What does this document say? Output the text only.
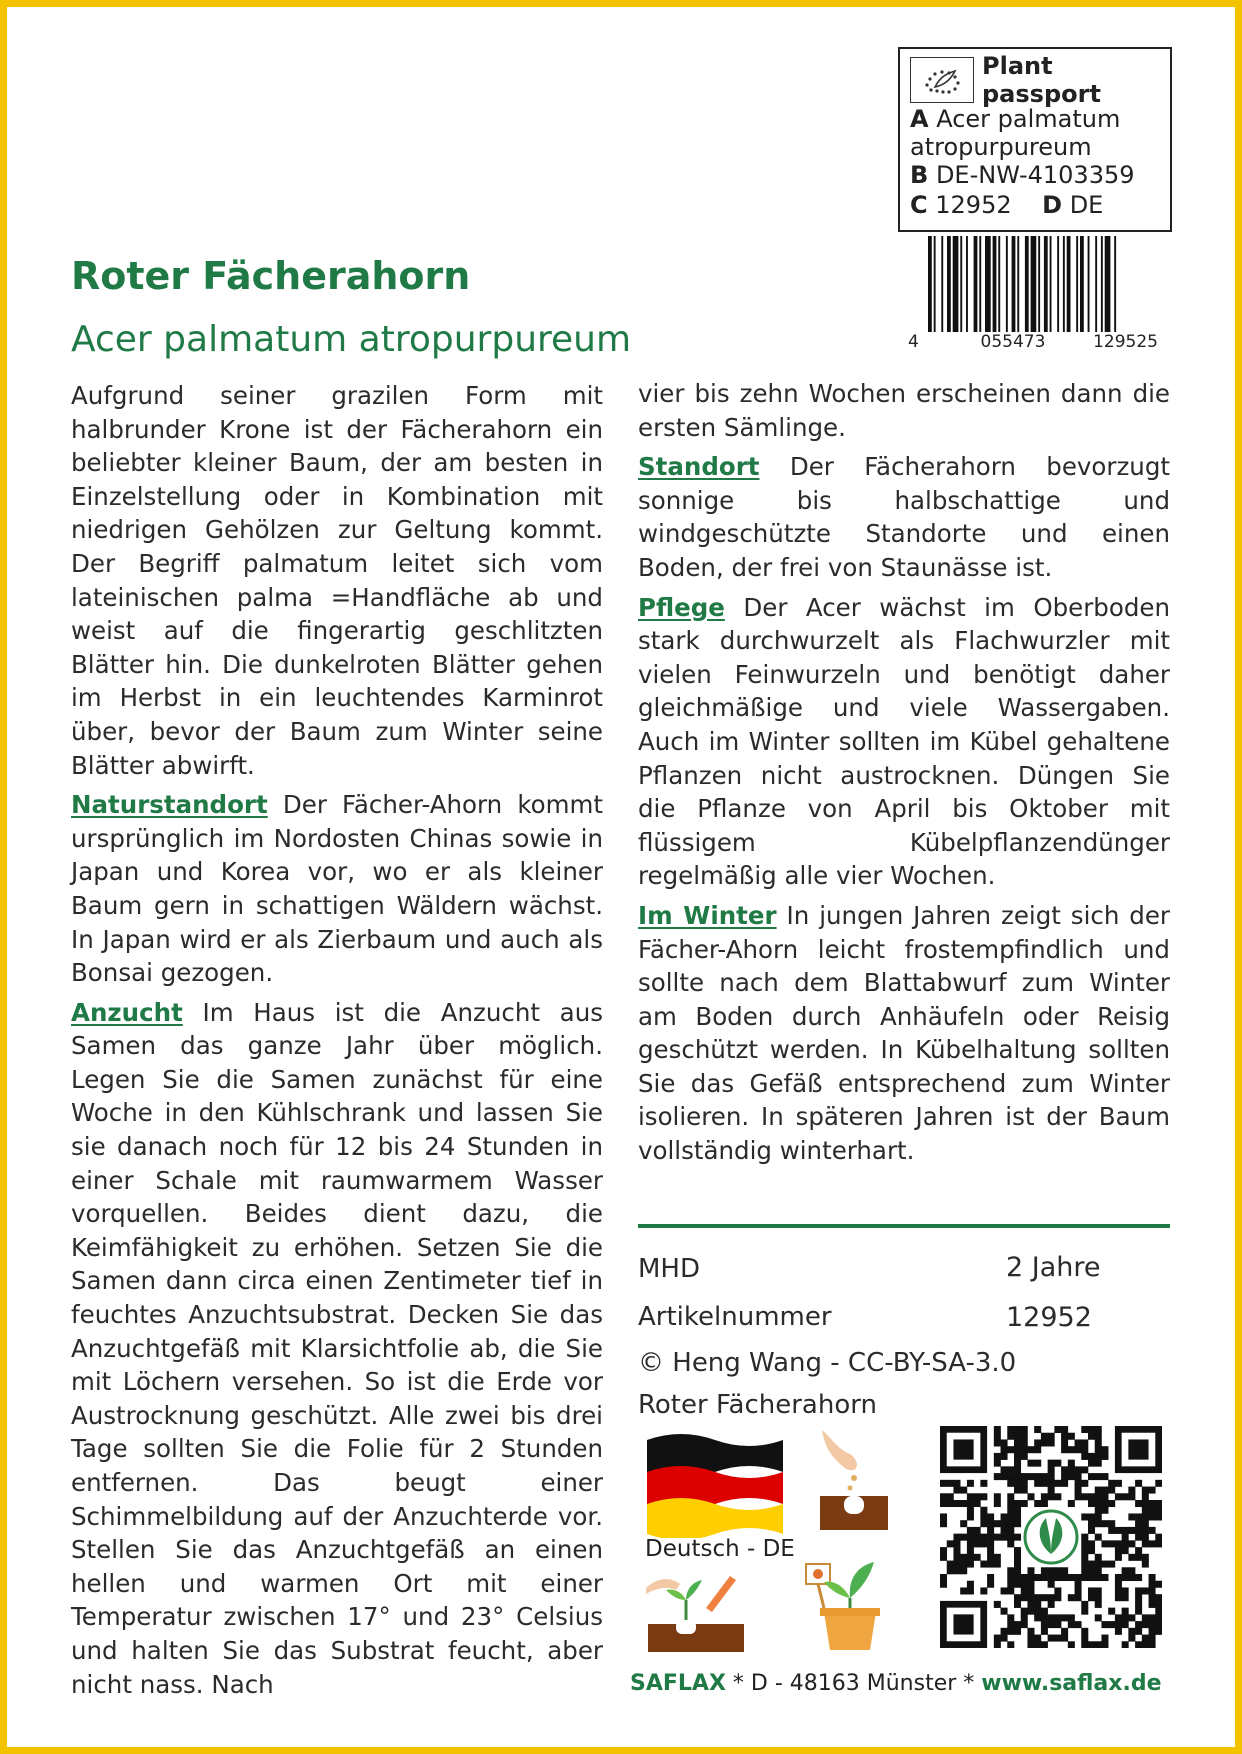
Plant passport
A Acer palmatum
atropurpureum
B DE-NW-4103359
C 12952 D DE
4	055473	129525
Roter Fächerahorn
Acer palmatum atropurpureum

Aufgrund seiner grazilen Form mit halbrunder Krone ist der Fächerahorn ein beliebter kleiner Baum, der am besten in Einzelstellung oder in Kombination mit niedrigen Gehölzen zur Geltung kommt. Der Begriff palmatum leitet sich vom lateinischen palma =Handfläche ab und weist auf die fingerartig geschlitzten Blätter hin. Die dunkelroten Blätter gehen im Herbst in ein leuchtendes Karminrot über, bevor der Baum zum Winter seine Blätter abwirft.

Naturstandort Der Fächer-Ahorn kommt ursprünglich im Nordosten Chinas sowie in Japan und Korea vor, wo er als kleiner Baum gern in schattigen Wäldern wächst. In Japan wird er als Zierbaum und auch als Bonsai gezogen.

Anzucht Im Haus ist die Anzucht aus Samen das ganze Jahr über möglich. Legen Sie die Samen zunächst für eine Woche in den Kühlschrank und lassen Sie sie danach noch für 12 bis 24 Stunden in einer Schale mit raumwarmem Wasser vorquellen. Beides dient dazu, die Keimfähigkeit zu erhöhen. Setzen Sie die Samen dann circa einen Zentimeter tief in feuchtes Anzuchtsubstrat. Decken Sie das Anzuchtgefäß mit Klarsichtfolie ab, die Sie mit Löchern versehen. So ist die Erde vor Austrocknung geschützt. Alle zwei bis drei Tage sollten Sie die Folie für 2 Stunden entfernen. Das beugt einer Schimmelbildung auf der Anzuchterde vor. Stellen Sie das Anzuchtgefäß an einen hellen und warmen Ort mit einer Temperatur zwischen 17° und 23° Celsius und halten Sie das Substrat feucht, aber nicht nass. Nach

vier bis zehn Wochen erscheinen dann die ersten Sämlinge.

Standort Der Fächerahorn bevorzugt sonnige bis halbschattige und windgeschützte Standorte und einen Boden, der frei von Staunässe ist.

Pflege Der Acer wächst im Oberboden stark durchwurzelt als Flachwurzler mit vielen Feinwurzeln und benötigt daher gleichmäßige und viele Wassergaben. Auch im Winter sollten im Kübel gehaltene Pflanzen nicht austrocknen. Düngen Sie die Pflanze von April bis Oktober mit flüssigem Kübelpflanzendünger regelmäßig alle vier Wochen.

Im Winter In jungen Jahren zeigt sich der Fächer-Ahorn leicht frostempfindlich und sollte nach dem Blattabwurf zum Winter am Boden durch Anhäufeln oder Reisig geschützt werden. In Kübelhaltung sollten Sie das Gefäß entsprechend zum Winter isolieren. In späteren Jahren ist der Baum vollständig winterhart.

MHD	2 Jahre
Artikelnummer	12952
© Heng Wang - CC-BY-SA-3.0
Roter Fächerahorn
Deutsch - DE
SAFLAX * D - 48163 Münster * www.saflax.de
